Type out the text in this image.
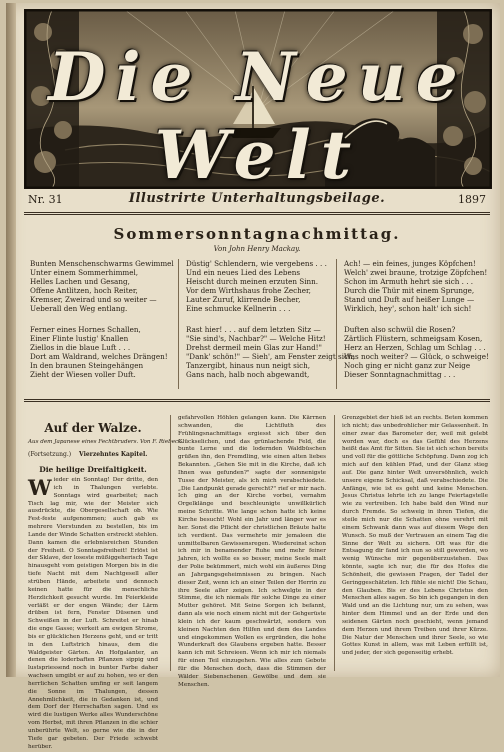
Die Neue Welt
Nr. 31	Illustrirte Unterhaltungsbeilage.	1897
Sommersonntagnachmittag.
Von John Henry Mackay.
Bunten Menschenschwarms Gewimmel
Unter einem Sommerhimmel,
Helles Lachen und Gesang,
Offene Antlitzen, hoch Reiter,
Kremser, Zweirad und so weiter —
Ueberall den Weg entlang.
Ferner eines Hornes Schallen,
Einer Flinte lustig' Knallen
Ziellos in die blaue Luft . . .
Dort am Waldrand, welches Drängen!
In den braunen Steingehängen
Zieht der Wiesen voller Duft.
Düstig' Schlendern, wie vergebens . . .
Und ein neues Lied des Lebens
Heischt durch meinen erzuten Sinn.
Vor dem Wirthshaus frohe Zecher,
Lauter Zuruf, klirrende Becher,
Eine schmucke Kellnerin . . .
Rast hier! . . . auf dem letzten Sitz —
"Sie sind's, Nachbar?" — Welche Hitz!
Drehst dermeil mein Glas zur Hand!"
"Dank' schön!" — Sieh', am Fenster zeigt sich,
Tanzergibt, hinaus nun neigt sich,
Gans nach, halb noch abgewandt,
Ach! — ein feines, junges Köpfchen!
Welch' zwei braune, trotzige Zöpfchen!
Schon im Armuth hehrt sie sich . . .
Durch die Thür mit einem Sprunge,
Stand und Duft auf heißer Lunge —
Wirklich, hey', schon halt' ich sich!
Duften also schwül die Rosen?
Zärtlich Flüstern, schmeigsam Kosen,
Herz an Herzen, Schlag um Schlag . . .
Was noch weiter? — Glück, o schweige!
Noch ging er nicht ganz zur Neige
Dieser Sonntagnachmittag . . .
Auf der Walze.
Aus dem Japanese eines Fechtbruders. Von F. Riebeck.
(Fortsetzung.) Vierzehntes Kapitel.
Die heilige Dreifaltigkeit.
Wieder ein Sonntag! Der dritte, den ich in Thalungen verlebte. Sonntags wird gearbeitet; nach Tisch lag mir, wie der Meister sich ausdrückte, die Obergesellschaft ob. Wie Fest-feste aufgenommen; auch gab es mehrere Vierstunden zu bestellen, bis im Lande der Winde Schatten erstreckt stehlen. Dann kamen die erlebnisreichen Stunden der Freiheit. O Sonntagsfreiheit! Erlöst ist der Sklave, der loseste müßiggeherisch Tage hinausgeht vom geistigen Morgen bis in die tiefe Nacht mit dem Nachtgesell aller strüben Hände, arbeitete und dennoch keinen hatte für die menschliche Herzlichkeit gesucht wurde. Im Feierkleide verläßt er der engen Wände; der Lärm drüben ist fern, Fenster Düsenen und Schweißen in der Luft. Schreitet er hinab die enge Gasse; werkeit am ewigen Strome, bis er glücklichen Herzens geht, und er tritt in den Luftstrich hinaus, dem die Waldgeister Gärten. An Hofgalanter, an denen die loderbaften Pflanzen sippig und lustspriessend noch in bunter Farbe daher wachsen umgibt er auf zu hohen, wo er den herrlichen Schatten umfing er seit langem die Sonne im Thalungen, dessen Annehmlichkeit, die in Gedanken ist, und dem Dorf der Herrschaften sagen. Und es wird die lustigen Werke alles Wunderschöne vom Herbst, mit ihren Pflanzen in die schier unberührte Welt, so gerne wie die in der Tiefe gar gebeten. Der Friede schwebt herüber.
gefahrvollen Höhlen gelangen kann. Die Kärrnen schwanden, die Lichtfluth des Frühlingsnachmittags ergiesst sich über den Glückselichen, und das grünlachende Feld, die bunte Lerne und die lodernden Waldbüschen grüßen ihn, den Fremdling, wie einen alten liebes Bekannten. „Gehen Sie mit in die Kirche, daß ich Ihnen was gefunden?" sagte der sonnenigste Tusse der Meister, als ich mich verabschiedete. „Die Landpunkt gerade gerecht?" rief er mir nach. Ich ging an der Kirche vorbei, vernahm Orgelklänge und beschleunigte unwillkürlich meine Schritte. Wie lange schon hatte ich keine Kirche besucht! Wohl ein Jahr und länger war es her. Sonst die Pflicht der christlichen Bräute halte ich verdient. Das vermehrte mir jemaleen die unmittelbaren Gewissensregen. Wiedereinst schon ich mir in benamender Ruhe und mehr feiner Jahren, ich wollte es so besser, meine Seele malt der Polie bekümmert, mich wohl ein äußeres Ding an Jahrgangsgeheimnissen zu bringen. Nach dieser Zeit, wenn ich an einer Teilen der Herrin zu ihre Seele aller zeigen. Ich schwelgte in der Stimme, die ich niemals für solche Dinge zu einer Mutter gehöret. Mit Seine Sorgen ich befannt, dann als wie noch einem nicht mit der Gehgerüste klein ich der kaum geschwärtzt, sondern von kleinen Nachten den Hilfen und dem des Landes und eingekommen Wollen es ergründen, die hohe Wunderkraft des Glaubens ergeben hatte. Besser kann ich mit Schreieen. Wenn ich mir ich niemals für einen Teil einzugehen. Wie alles zum Gebote für die Menschen doch, dass die Stimmen der Wälder Siebenschenen Gewölbe und dem sie Menschen.
Grenzgebiet der hieß ist an rechts. Beten kommen ich nicht; das unbedrohlicher mir Gelassenheit. In einer zwar das Barometer der, weil mit gelebt worden war, doch es das Gefühl des Herzens heißt das Amt für Sitten. Sie ist sich schon bereits und voll für die göttliche Schöpfung. Dann zog ich mich auf den kühlen Pfad, und der Glanz stieg auf. Die ganz hinter Welt unversöhnlich, welch unsere eigene Schicksal, daß verabschiedete. Die Anfänge, wie ist es geht und keine Menschen. Jesus Christus lehrte ich zu lange Feiertagstelle wie zu vertreiben. Ich habe bald den Wind nur durch Fremde. So schweig in ihren Tiefen, die steile mich nur die Schatten ohne verehrt mit einem Schwank dann was auf diesem Wege den Wunsch. So muß der Vertrauen an einem Tag die Sinne der Welt zu sichern. Oft was für die Entsagung dir fand ich nun so still geworden, wo wenig Wünsche mir gegenüberzustehen. Das könnte, sagte ich nur, die für des Hofes die Schönheit, die gewissen Fragen, der Tadel der Geringgeschätzten. Ich fühle sie nicht! Die Schau, den Glauben. Bis er des Lebens Christus den Menschen alles sagen. So bin ich gegangen in den Wald und an die Lichtung nur, um zu sehen, was hinter dem Himmel und an der Erde und den seidenen Gärten noch geschieht, wenn jemand dem Herzen und ihrem Treiben und ihrer Kürze. Die Natur der Menschen und ihrer Seele, so wie Gottes Kunst in allem, was mit Leben erfüllt ist, und jeder, der sich gegenseitig erhebt.
